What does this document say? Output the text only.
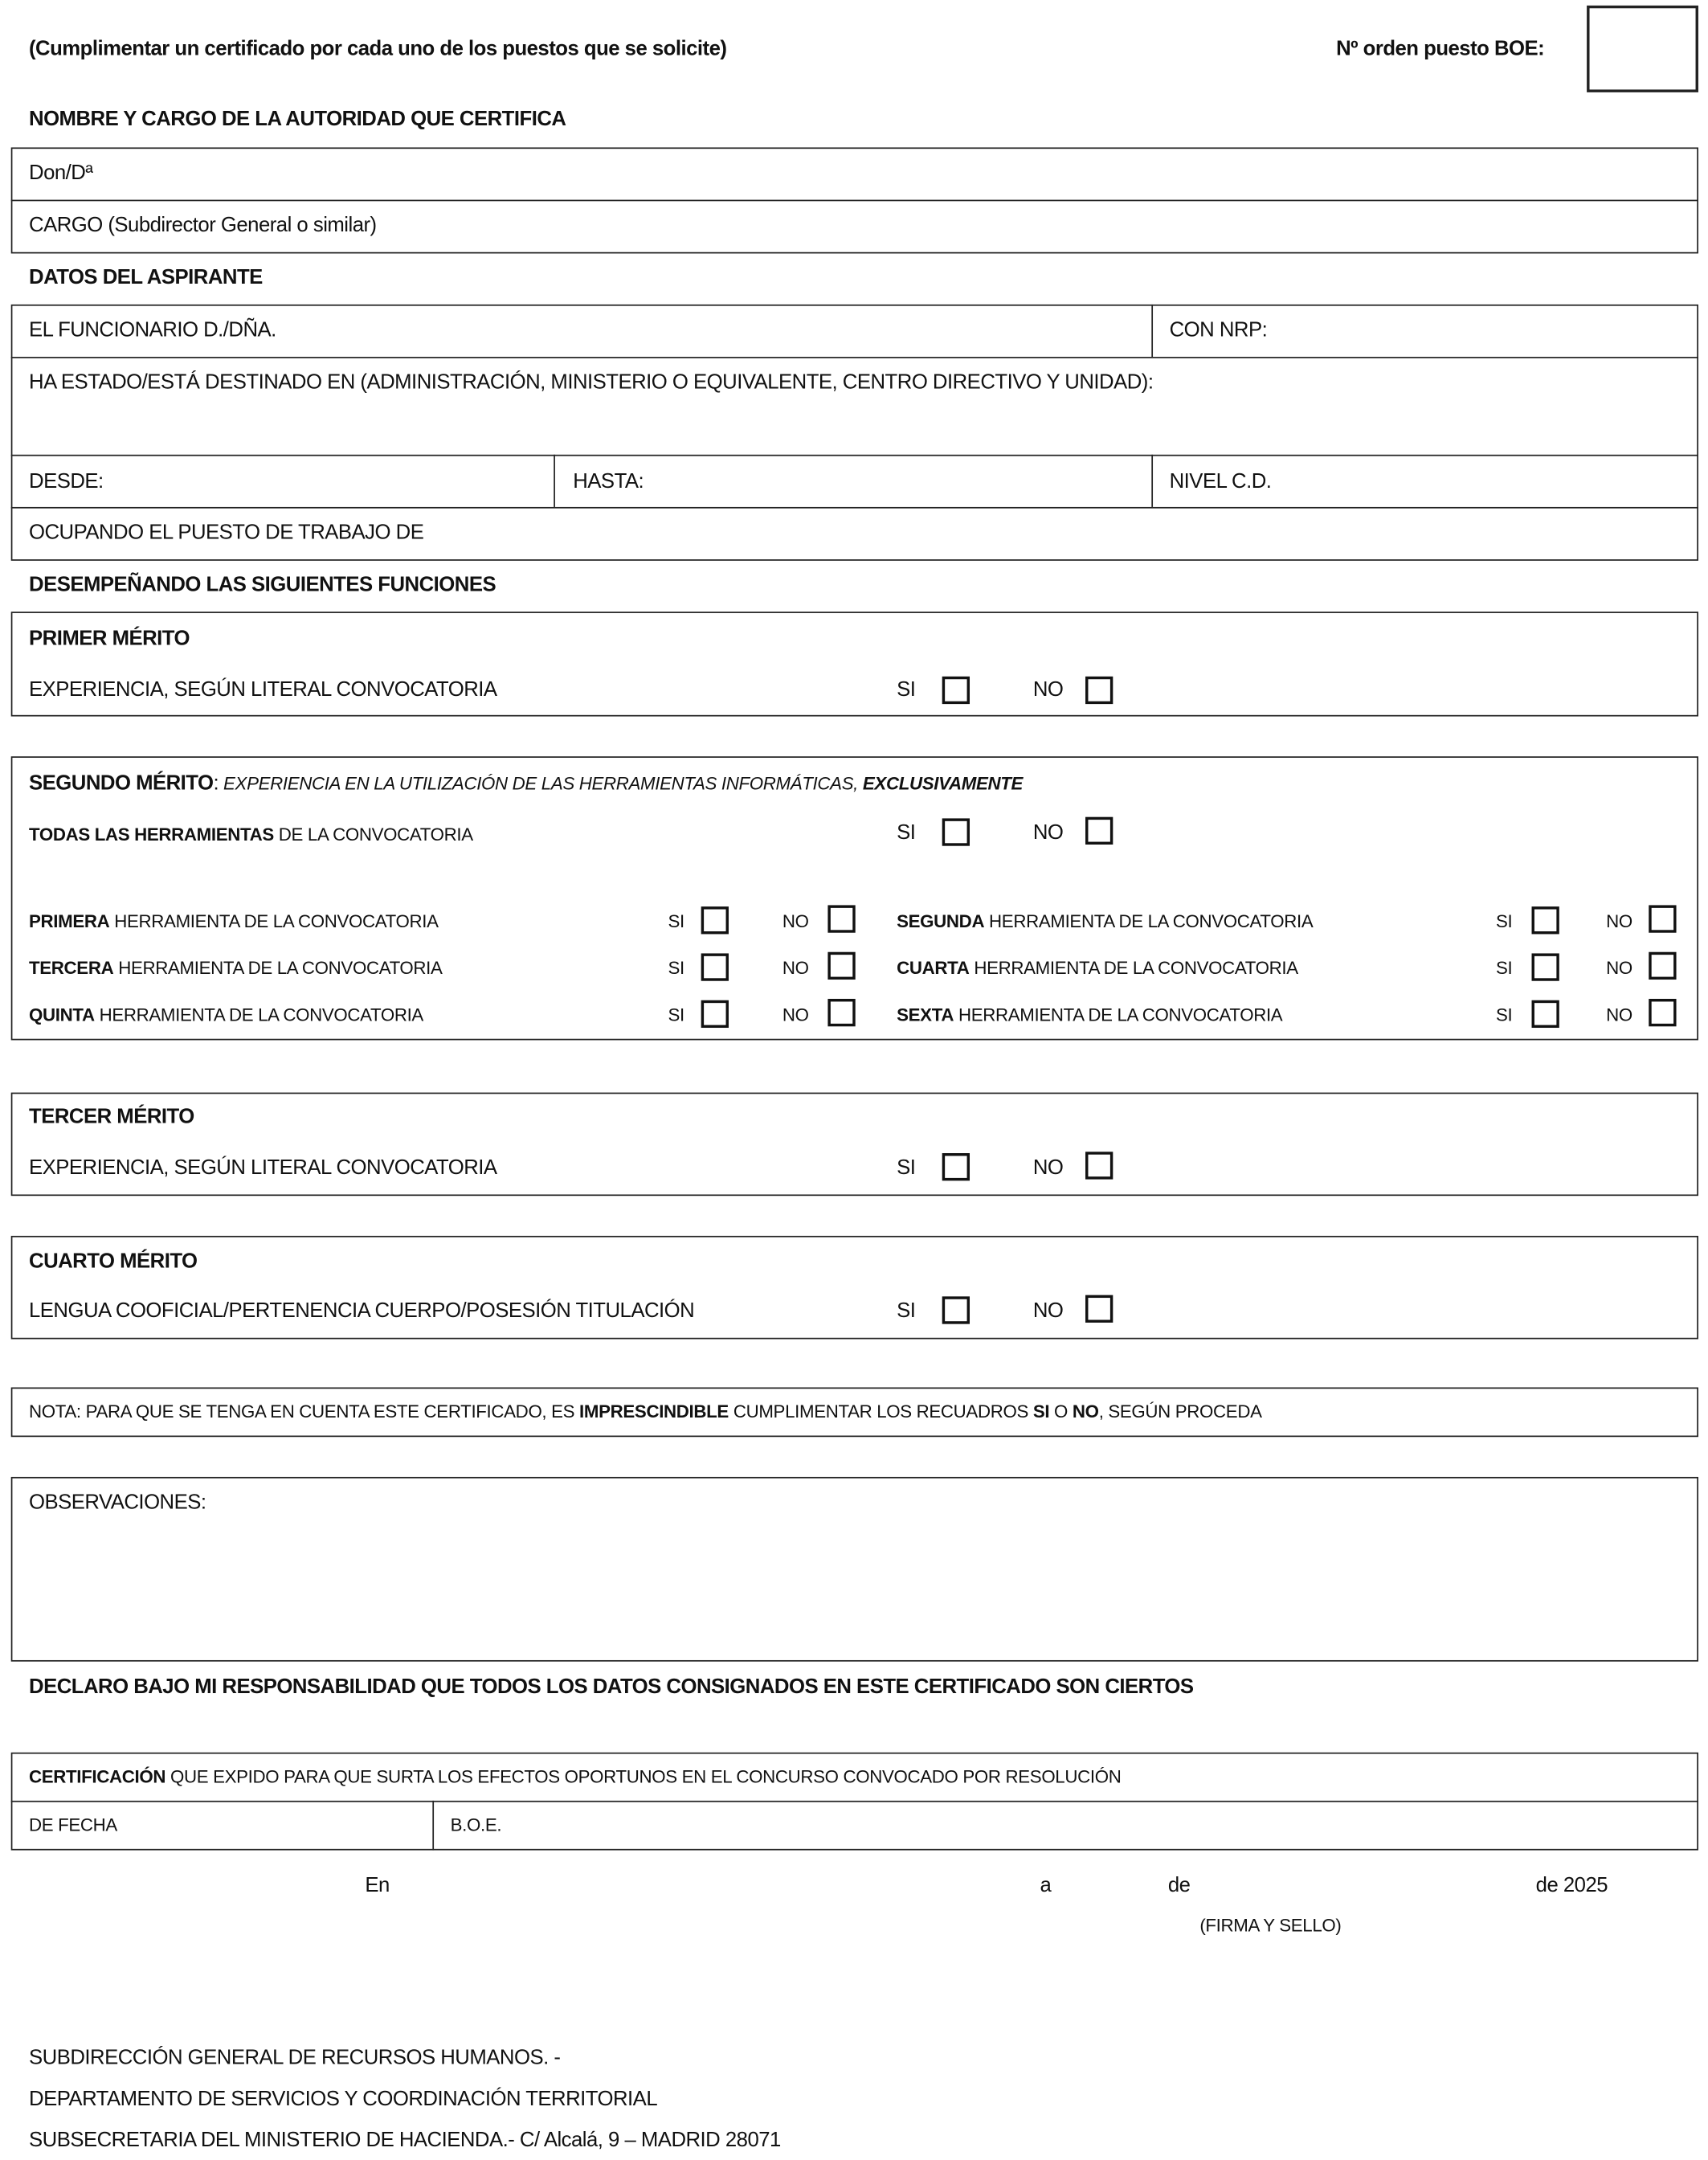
(Cumplimentar un certificado por cada uno de los puestos que se solicite)	Nº orden puesto BOE:
NOMBRE Y CARGO DE LA AUTORIDAD QUE CERTIFICA
Don/Dª
CARGO (Subdirector General o similar)
DATOS DEL ASPIRANTE
EL FUNCIONARIO D./DÑA.	CON NRP:
HA ESTADO/ESTÁ DESTINADO EN (ADMINISTRACIÓN, MINISTERIO O EQUIVALENTE, CENTRO DIRECTIVO Y UNIDAD):
DESDE:	HASTA:	NIVEL C.D.
OCUPANDO EL PUESTO DE TRABAJO DE
DESEMPEÑANDO LAS SIGUIENTES FUNCIONES
PRIMER MÉRITO
EXPERIENCIA, SEGÚN LITERAL CONVOCATORIA	SI	NO
SEGUNDO MÉRITO: EXPERIENCIA EN LA UTILIZACIÓN DE LAS HERRAMIENTAS INFORMÁTICAS, EXCLUSIVAMENTE
TODAS LAS HERRAMIENTAS DE LA CONVOCATORIA	SI	NO
PRIMERA HERRAMIENTA DE LA CONVOCATORIA	SI	NO	SEGUNDA HERRAMIENTA DE LA CONVOCATORIA	SI	NO
TERCERA HERRAMIENTA DE LA CONVOCATORIA	SI	NO	CUARTA HERRAMIENTA DE LA CONVOCATORIA	SI	NO
QUINTA HERRAMIENTA DE LA CONVOCATORIA	SI	NO	SEXTA HERRAMIENTA DE LA CONVOCATORIA	SI	NO
TERCER MÉRITO
EXPERIENCIA, SEGÚN LITERAL CONVOCATORIA	SI	NO
CUARTO MÉRITO
LENGUA COOFICIAL/PERTENENCIA CUERPO/POSESIÓN TITULACIÓN	SI	NO
NOTA: PARA QUE SE TENGA EN CUENTA ESTE CERTIFICADO, ES IMPRESCINDIBLE CUMPLIMENTAR LOS RECUADROS SI O NO, SEGÚN PROCEDA
OBSERVACIONES:
DECLARO BAJO MI RESPONSABILIDAD QUE TODOS LOS DATOS CONSIGNADOS EN ESTE CERTIFICADO SON CIERTOS
CERTIFICACIÓN QUE EXPIDO PARA QUE SURTA LOS EFECTOS OPORTUNOS EN EL CONCURSO CONVOCADO POR RESOLUCIÓN
DE FECHA	B.O.E.
En	a	de	de 2025
(FIRMA Y SELLO)
SUBDIRECCIÓN GENERAL DE RECURSOS HUMANOS. -
DEPARTAMENTO DE SERVICIOS Y COORDINACIÓN TERRITORIAL
SUBSECRETARIA DEL MINISTERIO DE HACIENDA.- C/ Alcalá, 9 – MADRID 28071
